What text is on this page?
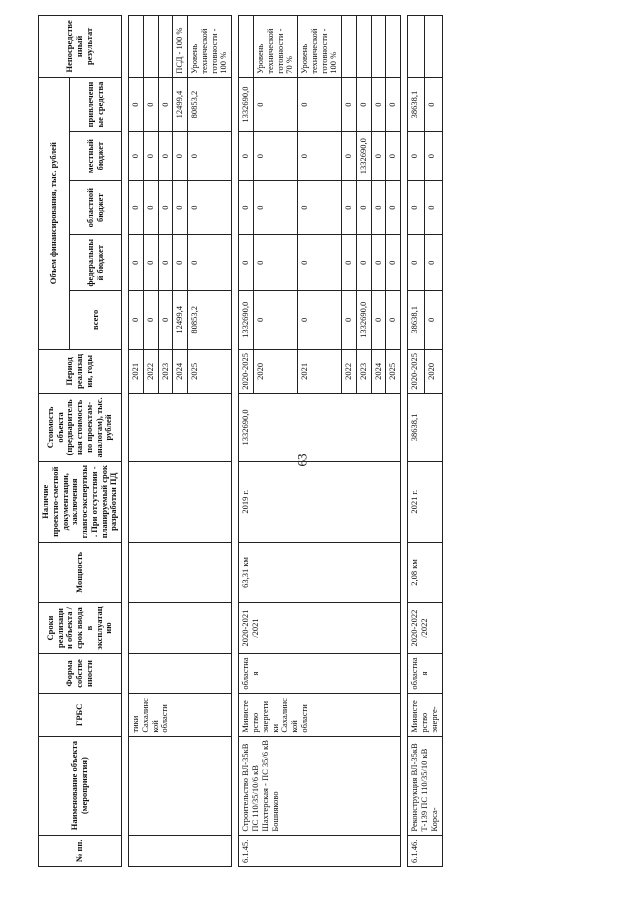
63
№ пп.	Наименование объекта (мероприятия)	ГРБС	Форма собственности	Сроки реализации объекта / срок ввода в эксплуатацию	Мощность	Наличие проектно-сметной документации, заключения главгосэкспертизы. При отсутствии - планируемый срок разработки ПД	Стоимость объекта (предварительная стоимость по проектам-аналогам), тыс. рублей	Период реализации, годы	Объем финансирования, тыс. рублей					Непосредственный результат
									всего	федеральный бюджет	областной бюджет	местный бюджет	привлеченные средства	

		тики Сахалинской области						2021	0	0	0	0	0	
								2022	0	0	0	0	0	
								2023	0	0	0	0	0	
								2024	12499,4	0	0	0	12499,4	ПСД - 100 %
								2025	80853,2	0	0	0	80853,2	Уровень технической готовности - 100 %

6.1.45.	Строительство ВЛ-35кВ ПС 110/35/10/6 кВ Шахтерская - ПС 35/6 кВ Бошняково	Министерство энергетики Сахалинской области	областная	2020-2021 /2021	63,31 км	2019 г.	1332690,0	2020-2025	1332690,0	0	0	0	1332690,0	
								2020	0	0	0	0	0	Уровень технической готовности - 70 %
								2021	0	0	0	0	0	Уровень технической готовности - 100 %
								2022	0	0	0	0	0	
								2023	1332690,0	0	0	1332690,0	0	
								2024	0	0	0	0	0	
								2025	0	0	0	0	0	

6.1.46.	Реконструкция ВЛ-35кВ Т-139 ПС 110/35/10 кВ Корса-	Министерство энерге-	областная	2020-2022 /2022	2,08 км	2021 г.	38638,1	2020-2025	38638,1	0	0	0	38638,1	
								2020	0	0	0	0	0	
